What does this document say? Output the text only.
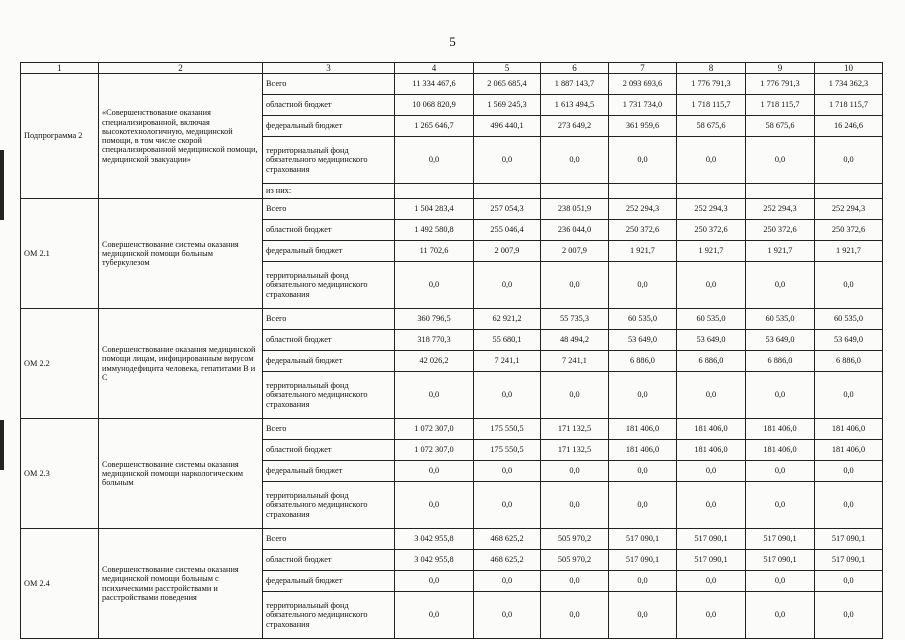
5
1	2	3	4	5	6	7	8	9	10
Подпрограмма 2	«Совершенствование оказания специализированной, включая высокотехнологичную, медицинской помощи, в том числе скорой специализированной медицинской помощи, медицинской эвакуации»	Всего	11 334 467,6	2 065 685,4	1 887 143,7	2 093 693,6	1 776 791,3	1 776 791,3	1 734 362,3
		областной бюджет	10 068 820,9	1 569 245,3	1 613 494,5	1 731 734,0	1 718 115,7	1 718 115,7	1 718 115,7
		федеральный бюджет	1 265 646,7	496 440,1	273 649,2	361 959,6	58 675,6	58 675,6	16 246,6
		территориальный фонд обязательного медицинского страхования	0,0	0,0	0,0	0,0	0,0	0,0	0,0
		из них:							
ОМ 2.1	Совершенствование системы оказания медицинской помощи больным туберкулезом	Всего	1 504 283,4	257 054,3	238 051,9	252 294,3	252 294,3	252 294,3	252 294,3
		областной бюджет	1 492 580,8	255 046,4	236 044,0	250 372,6	250 372,6	250 372,6	250 372,6
		федеральный бюджет	11 702,6	2 007,9	2 007,9	1 921,7	1 921,7	1 921,7	1 921,7
		территориальный фонд обязательного медицинского страхования	0,0	0,0	0,0	0,0	0,0	0,0	0,0
ОМ 2.2	Совершенствование оказания медицинской помощи лицам, инфицированным вирусом иммунодефицита человека, гепатитами В и С	Всего	360 796,5	62 921,2	55 735,3	60 535,0	60 535,0	60 535,0	60 535,0
		областной бюджет	318 770,3	55 680,1	48 494,2	53 649,0	53 649,0	53 649,0	53 649,0
		федеральный бюджет	42 026,2	7 241,1	7 241,1	6 886,0	6 886,0	6 886,0	6 886,0
		территориальный фонд обязательного медицинского страхования	0,0	0,0	0,0	0,0	0,0	0,0	0,0
ОМ 2.3	Совершенствование системы оказания медицинской помощи наркологическим больным	Всего	1 072 307,0	175 550,5	171 132,5	181 406,0	181 406,0	181 406,0	181 406,0
		областной бюджет	1 072 307,0	175 550,5	171 132,5	181 406,0	181 406,0	181 406,0	181 406,0
		федеральный бюджет	0,0	0,0	0,0	0,0	0,0	0,0	0,0
		территориальный фонд обязательного медицинского страхования	0,0	0,0	0,0	0,0	0,0	0,0	0,0
ОМ 2.4	Совершенствование системы оказания медицинской помощи больным с психическими расстройствами и расстройствами поведения	Всего	3 042 955,8	468 625,2	505 970,2	517 090,1	517 090,1	517 090,1	517 090,1
		областной бюджет	3 042 955,8	468 625,2	505 970,2	517 090,1	517 090,1	517 090,1	517 090,1
		федеральный бюджет	0,0	0,0	0,0	0,0	0,0	0,0	0,0
		территориальный фонд обязательного медицинского страхования	0,0	0,0	0,0	0,0	0,0	0,0	0,0
